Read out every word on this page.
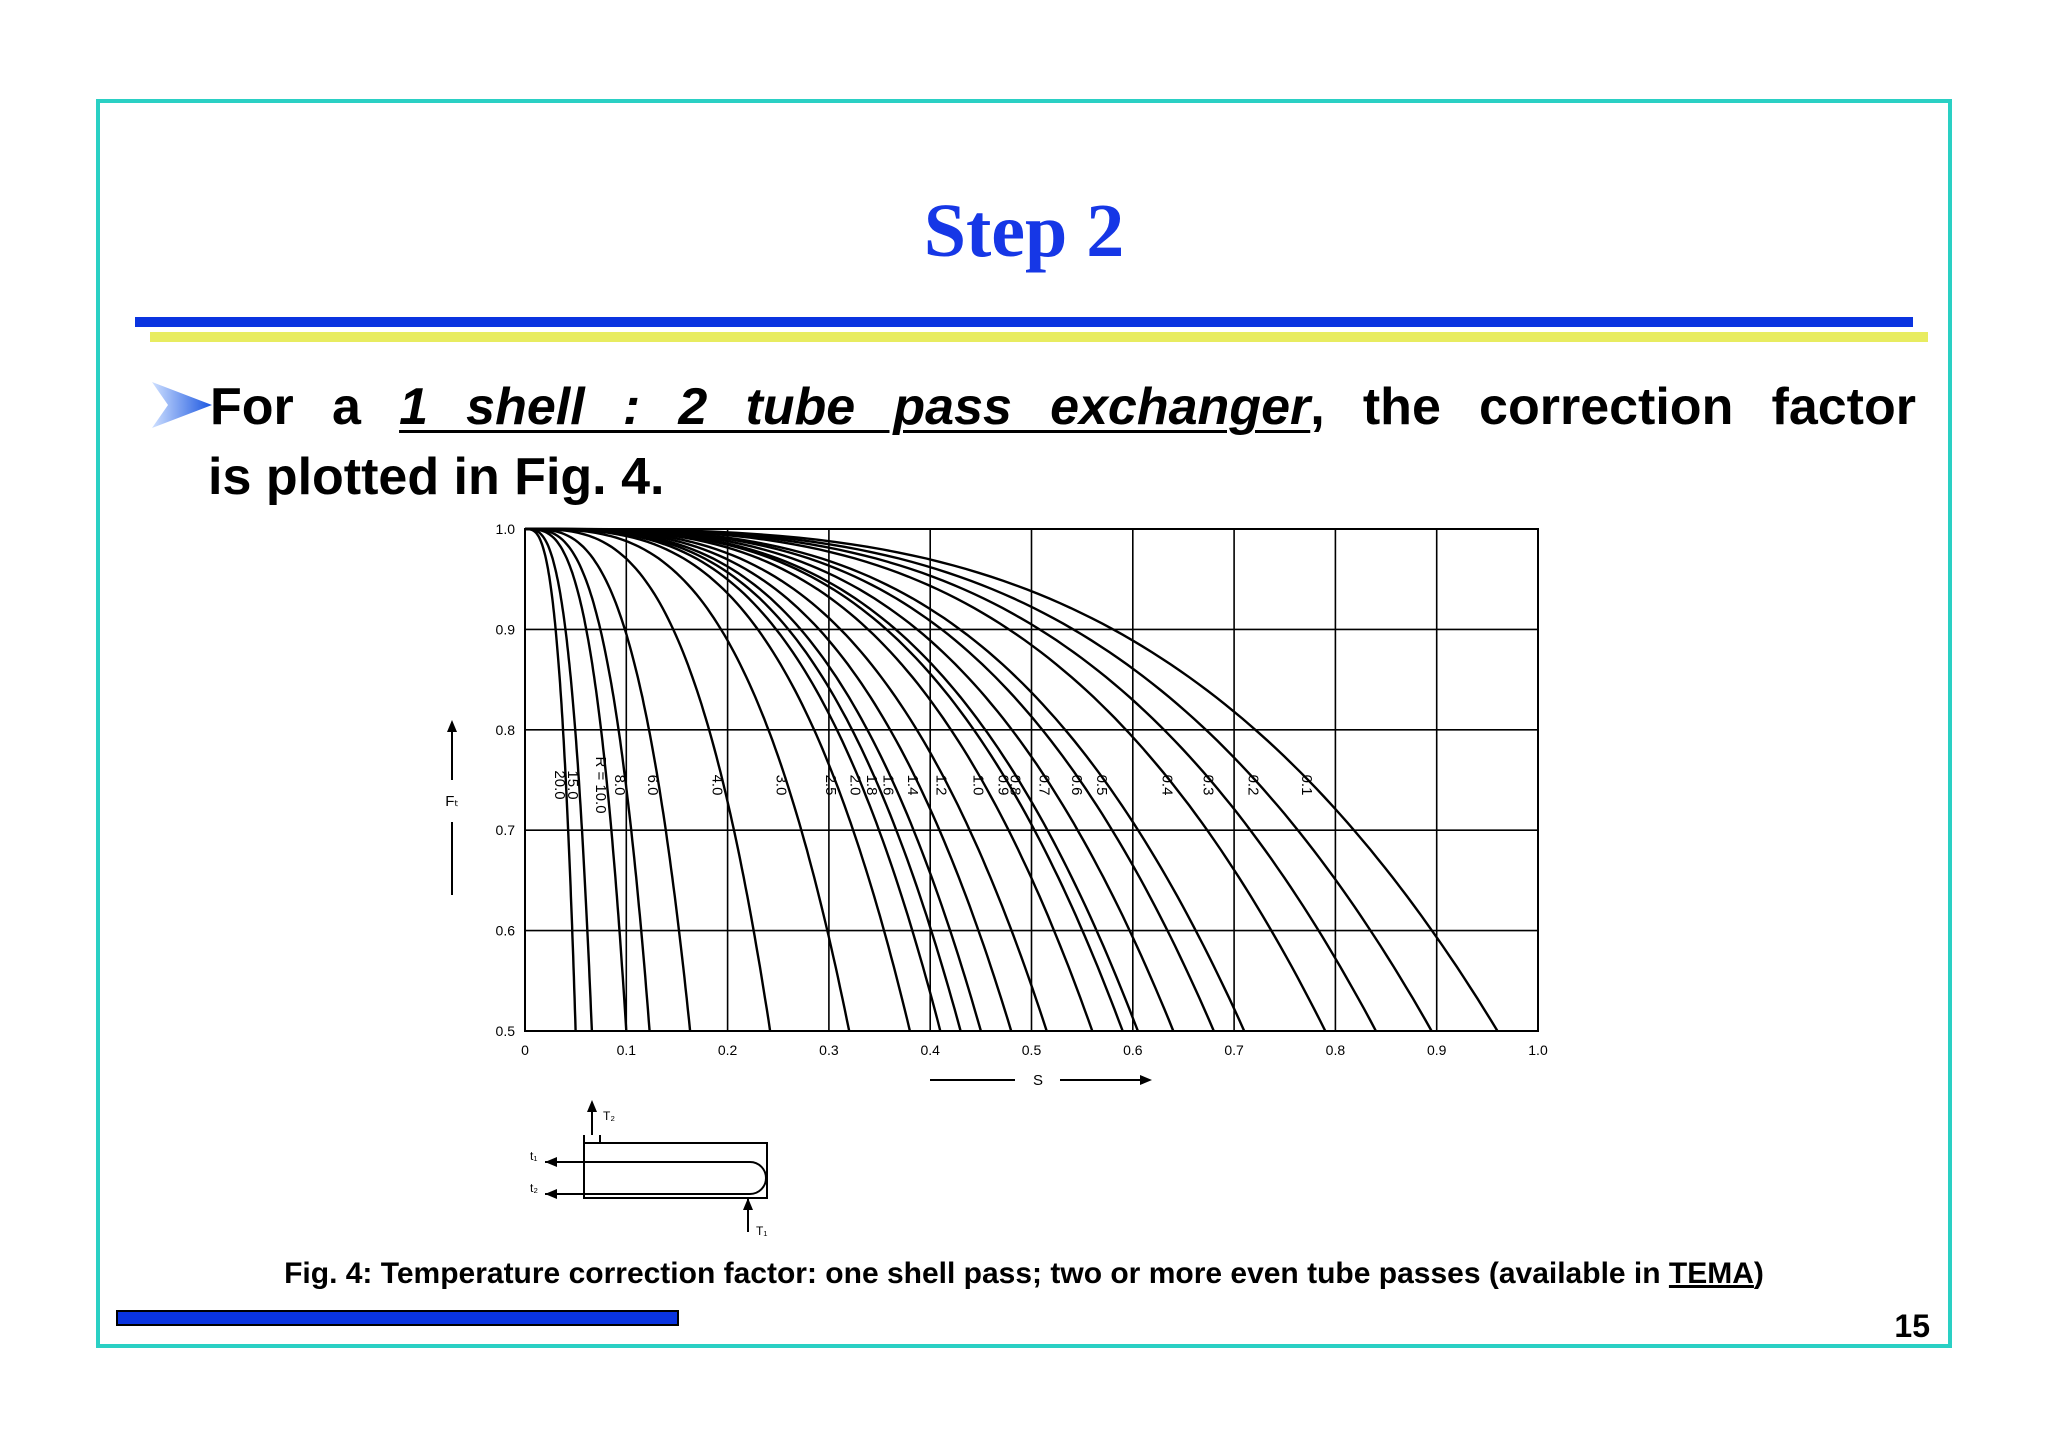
Step 2
For a 1 shell : 2 tube pass exchanger, the correction factor
is plotted in Fig. 4.
20.0
15.0 R = 10.0 8.0 6.0	4.0	3.0 2.5 2.0 1.8 1.6 1.4 1.2 1.0 0.9
0.8 0.7 0.6 0.5	0.4 0.3 0.2 0.1
0	0.1	0.2	0.3	0.4	0.5	0.6	0.7	0.8	0.9	1.0
0.5
0.6
0.7
0.8
0.9
1.0
S
Fₜ
T₂
t₁
t₂
T₁
Fig. 4: Temperature correction factor: one shell pass; two or more even tube passes (available in TEMA)
15
